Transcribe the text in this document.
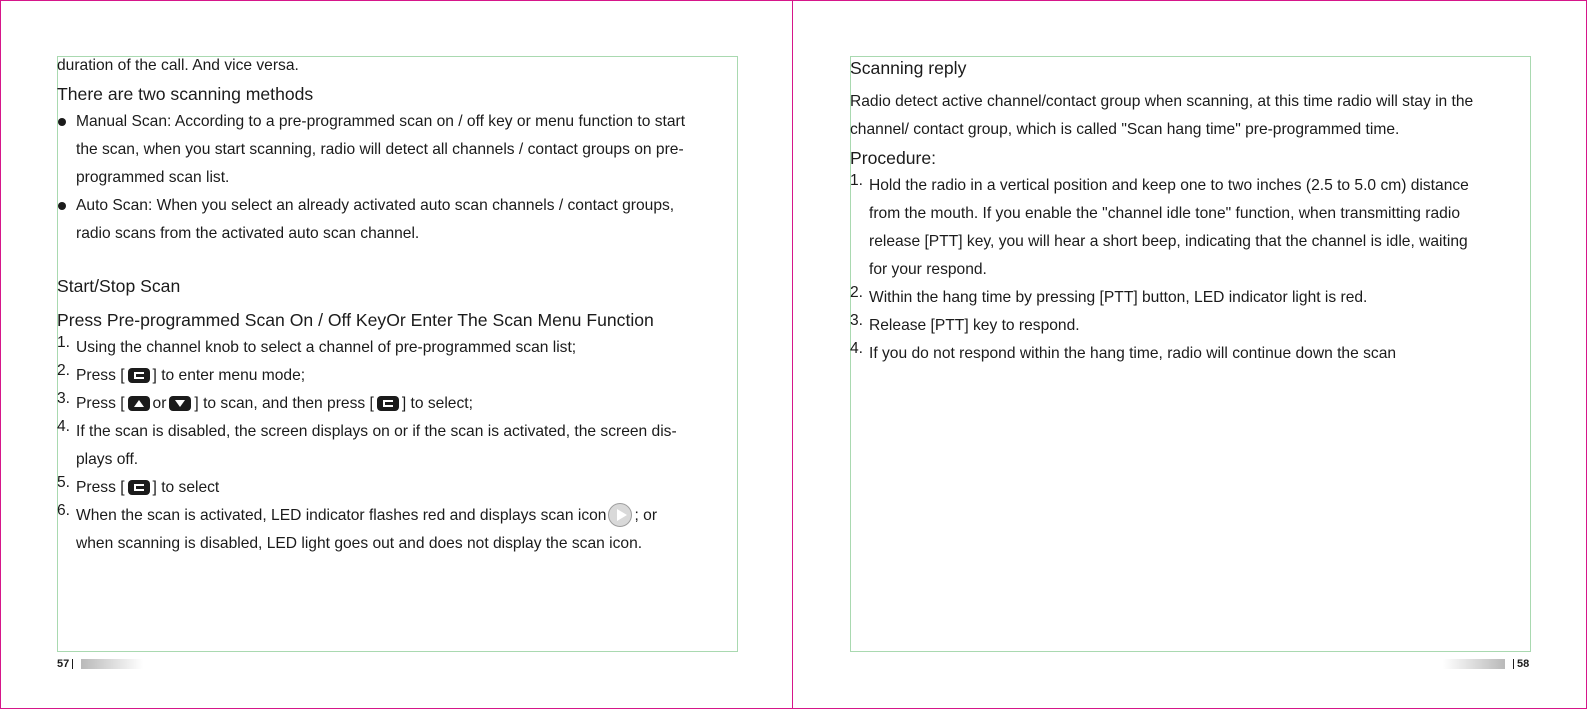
duration of the call. And vice versa.

There are two scanning methods

Manual Scan: According to a pre-programmed scan on / off key or menu function to start
the scan, when you start scanning, radio will detect all channels / contact groups on pre-
programmed scan list.
Auto Scan: When you select an already activated auto scan channels / contact groups,
radio scans from the activated auto scan channel.

Start/Stop Scan

Press Pre-programmed Scan On / Off KeyOr Enter The Scan Menu Function

1. Using the channel knob to select a channel of pre-programmed scan list;
2. Press [ ] to enter menu mode;
3. Press [ or ] to scan, and then press [ ] to select;
4. If the scan is disabled, the screen displays on or if the scan is activated, the screen dis-
plays off.
5. Press [ ] to select
6. When the scan is activated, LED indicator flashes red and displays scan icon ; or
when scanning is disabled, LED light goes out and does not display the scan icon.

Scanning reply

Radio detect active channel/contact group when scanning, at this time radio will stay in the

channel/ contact group, which is called "Scan hang time" pre-programmed time.

Procedure:

1. Hold the radio in a vertical position and keep one to two inches (2.5 to 5.0 cm) distance
from the mouth. If you enable the "channel idle tone" function, when transmitting radio
release [PTT] key, you will hear a short beep, indicating that the channel is idle, waiting
for your respond.
2. Within the hang time by pressing [PTT] button, LED indicator light is red.
3. Release [PTT] key to respond.
4. If you do not respond within the hang time, radio will continue down the scan
57	58
